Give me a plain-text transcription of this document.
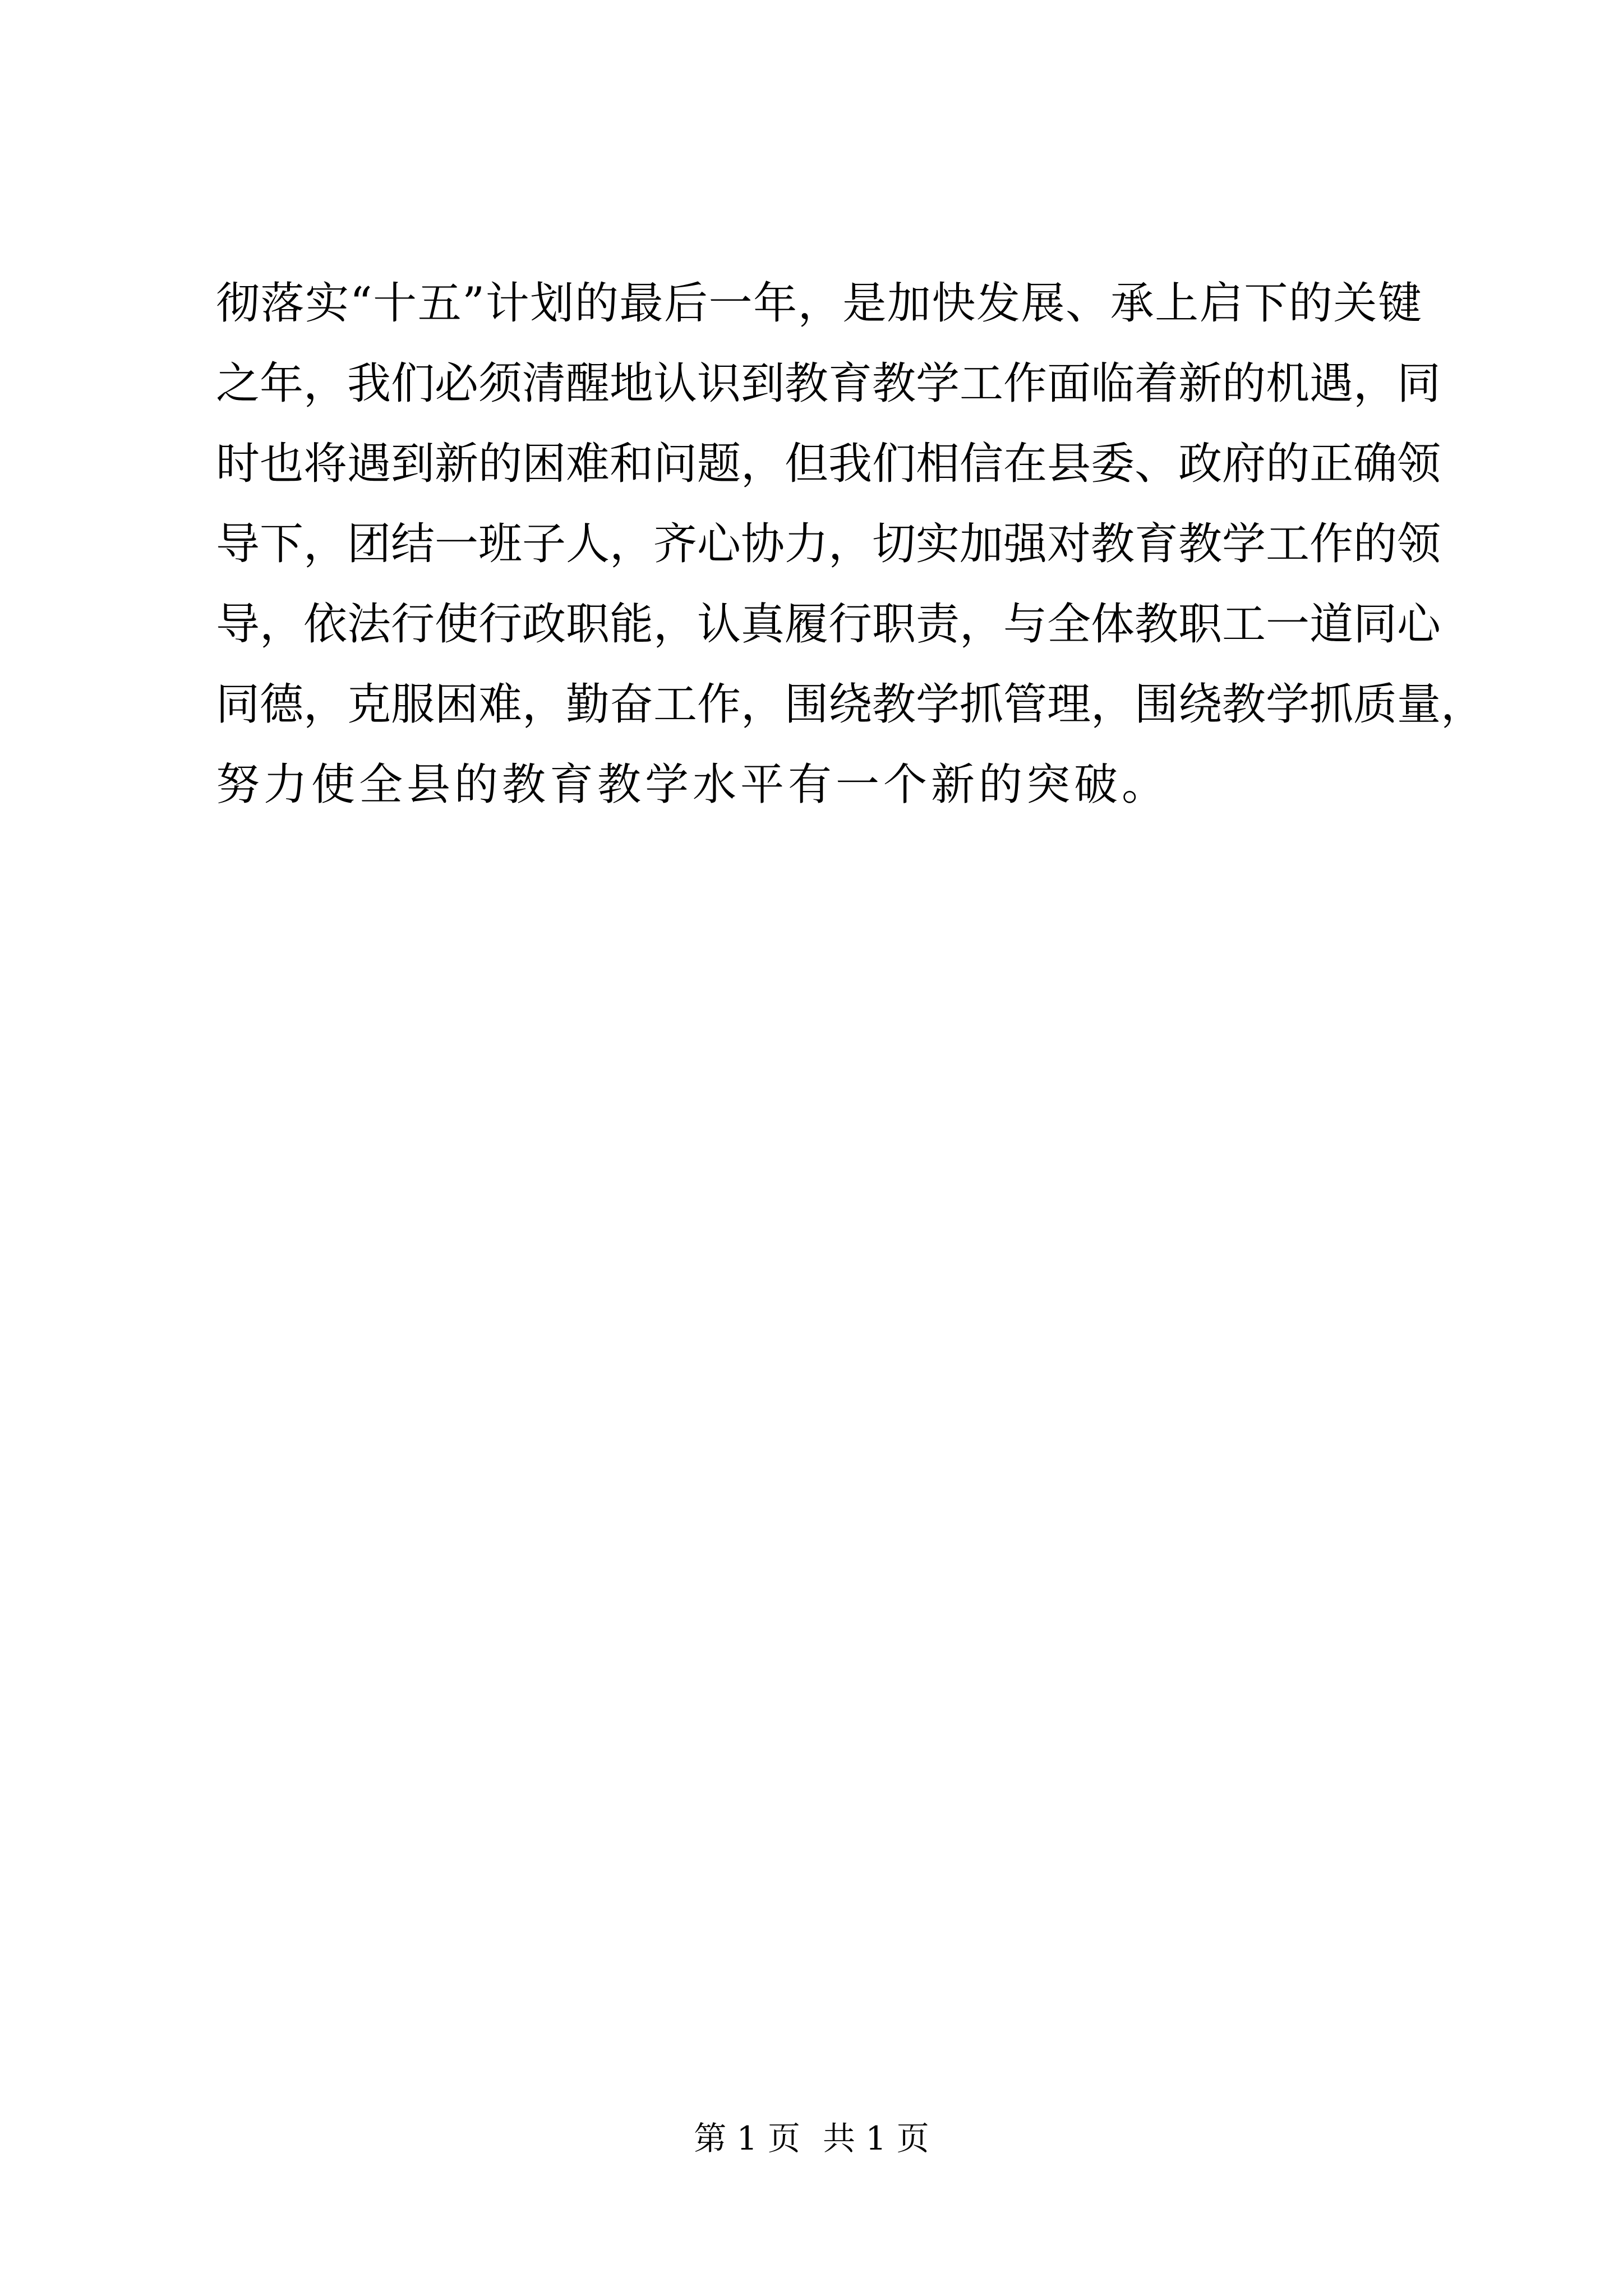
彻落实“十五”计划的最后一年，是加快发展、承上启下的关键
之年，我们必须清醒地认识到教育教学工作面临着新的机遇，同
时也将遇到新的困难和问题，但我们相信在县委、政府的正确领
导下，团结一班子人，齐心协力，切实加强对教育教学工作的领
导，依法行使行政职能，认真履行职责，与全体教职工一道同心
同德，克服困难，勤奋工作，围绕教学抓管理，围绕教学抓质量，
努力使全县的教育教学水平有一个新的突破。
第 1 页 共 1 页
